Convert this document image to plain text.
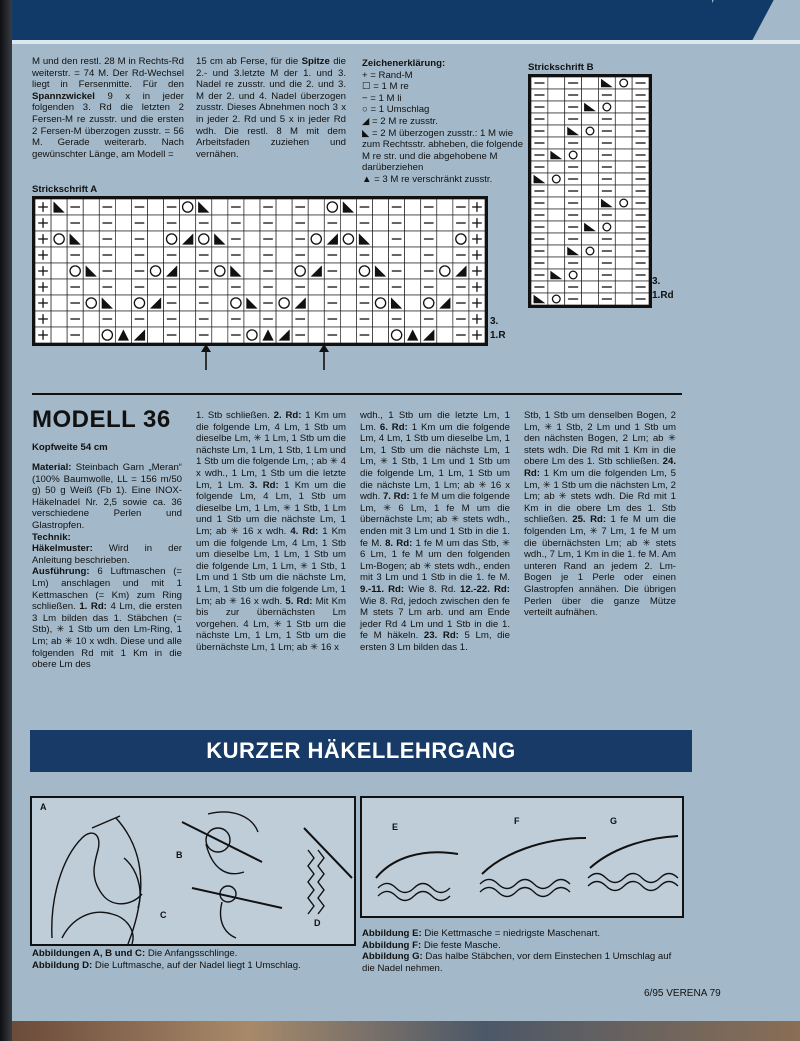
M und den restl. 28 M in Rechts-Rd weiterstr. = 74 M. Der Rd-Wechsel liegt in Fersenmitte. Für den Spannzwickel 9 x in jeder folgenden 3. Rd die letzten 2 Fersen-M re zusstr. und die ersten 2 Fersen-M überzogen zusstr. = 56 M. Gerade weiterarb. Nach gewünschter Länge, am Modell =
15 cm ab Ferse, für die Spitze die 2.- und 3.letzte M der 1. und 3. Nadel re zusstr. und die 2. und 3. M der 2. und 4. Nadel überzogen zusstr. Dieses Abnehmen noch 3 x in jeder 2. Rd und 5 x in jeder Rd wdh. Die restl. 8 M mit dem Arbeitsfaden zuziehen und vernähen.
Zeichenerklärung:
+ = Rand-M
☐ = 1 M re
− = 1 M li
○ = 1 Umschlag
◢ = 2 M re zusstr.
◣ = 2 M überzogen zusstr.: 1 M wie zum Rechtsstr. abheben, die folgende M re str. und die abgehobene M darüberziehen
▲ = 3 M re verschränkt zusstr.
Strickschrift B
3.
1.Rd
Strickschrift A
3.
1.R
MODELL 36
Kopfweite 54 cm
Material: Steinbach Garn „Meran“ (100% Baumwolle, LL = 156 m/50 g) 50 g Weiß (Fb 1). Eine INOX-Häkelnadel Nr. 2,5 sowie ca. 36 verschiedene Perlen und Glastropfen.
Technik:
Häkelmuster: Wird in der Anleitung beschrieben.
Ausführung: 6 Luftmaschen (= Lm) anschlagen und mit 1 Kettmaschen (= Km) zum Ring schließen. 1. Rd: 4 Lm, die ersten 3 Lm bilden das 1. Stäbchen (= Stb), ✳ 1 Stb um den Lm-Ring, 1 Lm; ab ✳ 10 x wdh. Diese und alle folgenden Rd mit 1 Km in die obere Lm des
1. Stb schließen. 2. Rd: 1 Km um die folgende Lm, 4 Lm, 1 Stb um dieselbe Lm, ✳ 1 Lm, 1 Stb um die nächste Lm, 1 Lm, 1 Stb, 1 Lm und 1 Stb um die folgende Lm, ; ab ✳ 4 x wdh., 1 Lm, 1 Stb um die letzte Lm, 1 Lm. 3. Rd: 1 Km um die folgende Lm, 4 Lm, 1 Stb um dieselbe Lm, 1 Lm, ✳ 1 Stb, 1 Lm und 1 Stb um die nächste Lm, 1 Lm; ab ✳ 16 x wdh. 4. Rd: 1 Km um die folgende Lm, 4 Lm, 1 Stb um dieselbe Lm, 1 Lm, 1 Stb um die folgende Lm, 1 Lm, ✳ 1 Stb, 1 Lm und 1 Stb um die nächste Lm, 1 Lm, 1 Stb um die folgende Lm, 1 Lm; ab ✳ 16 x wdh. 5. Rd: Mit Km bis zur übernächsten Lm vorgehen. 4 Lm, ✳ 1 Stb um die nächste Lm, 1 Lm, 1 Stb um die übernächste Lm, 1 Lm; ab ✳ 16 x
wdh., 1 Stb um die letzte Lm, 1 Lm. 6. Rd: 1 Km um die folgende Lm, 4 Lm, 1 Stb um dieselbe Lm, 1 Lm, 1 Stb um die nächste Lm, 1 Lm, ✳ 1 Stb, 1 Lm und 1 Stb um die folgende Lm, 1 Lm, 1 Stb um die nächste Lm, 1 Lm; ab ✳ 16 x wdh. 7. Rd: 1 fe M um die folgende Lm, ✳ 6 Lm, 1 fe M um die übernächste Lm; ab ✳ stets wdh., enden mit 3 Lm und 1 Stb in die 1. fe M. 8. Rd: 1 fe M um das Stb, ✳ 6 Lm, 1 fe M um den folgenden Lm-Bogen; ab ✳ stets wdh., enden mit 3 Lm und 1 Stb in die 1. fe M. 9.-11. Rd: Wie 8. Rd. 12.-22. Rd: Wie 8. Rd, jedoch zwischen den fe M stets 7 Lm arb. und am Ende jeder Rd 4 Lm und 1 Stb in die 1. fe M häkeln. 23. Rd: 5 Lm, die ersten 3 Lm bilden das 1.
Stb, 1 Stb um denselben Bogen, 2 Lm, ✳ 1 Stb, 2 Lm und 1 Stb um den nächsten Bogen, 2 Lm; ab ✳ stets wdh. Die Rd mit 1 Km in die obere Lm des 1. Stb schließen. 24. Rd: 1 Km um die folgenden Lm, 5 Lm, ✳ 1 Stb um die nächsten Lm, 2 Lm; ab ✳ stets wdh. Die Rd mit 1 Km in die obere Lm des 1. Stb schließen. 25. Rd: 1 fe M um die folgenden Lm, ✳ 7 Lm, 1 fe M um die übernächsten Lm; ab ✳ stets wdh., 7 Lm, 1 Km in die 1. fe M. Am unteren Rand an jedem 2. Lm-Bogen je 1 Perle oder einen Glastropfen annähen. Die übrigen Perlen über die ganze Mütze verteilt aufnähen.
KURZER HÄKELLEHRGANG
A
B
C
D
E
F	G
Abbildungen A, B und C: Die Anfangsschlinge.
Abbildung D: Die Luftmasche, auf der Nadel liegt 1 Umschlag.
Abbildung E: Die Kettmasche = niedrigste Maschenart.
Abbildung F: Die feste Masche.
Abbildung G: Das halbe Stäbchen, vor dem Einstechen 1 Umschlag auf die Nadel nehmen.
6/95 VERENA 79
